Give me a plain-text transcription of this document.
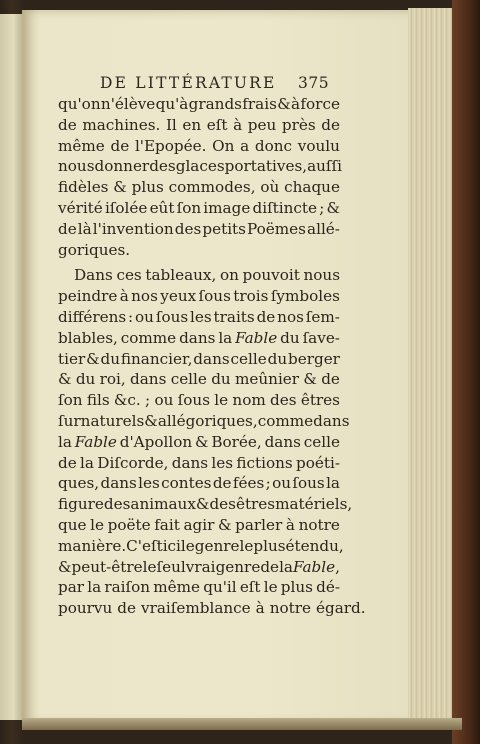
DE LITTÉRATURE 375
qu'on n'élève qu'à grands frais & à force
de machines. Il en eſt à peu près de
même de l'Epopée. On a donc voulu
nous donner des glaces portatives, auſſi
fidèles & plus commodes, où chaque
vérité iſolée eût ſon image diſtincte ; &
de là l'invention des petits Poëmes allé-
goriques.
Dans ces tableaux, on pouvoit nous
peindre à nos yeux ſous trois ſymboles
différens : ou ſous les traits de nos ſem-
blables, comme dans la Fable du ſave-
tier & du financier, dans celle du berger
& du roi, dans celle du meûnier & de
ſon fils &c. ; ou ſous le nom des êtres
ſurnaturels & allégoriques, comme dans
la Fable d'Apollon & Borée, dans celle
de la Diſcorde, dans les fictions poéti-
ques, dans les contes de fées ; ou ſous la
figure des animaux & des êtres matériels,
que le poëte fait agir & parler à notre
manière. C'eſt ici le genre le plus étendu,
& peut-être le ſeul vrai genre de la Fable,
par la raiſon même qu'il eſt le plus dé-
pourvu de vraiſemblance à notre égard.
